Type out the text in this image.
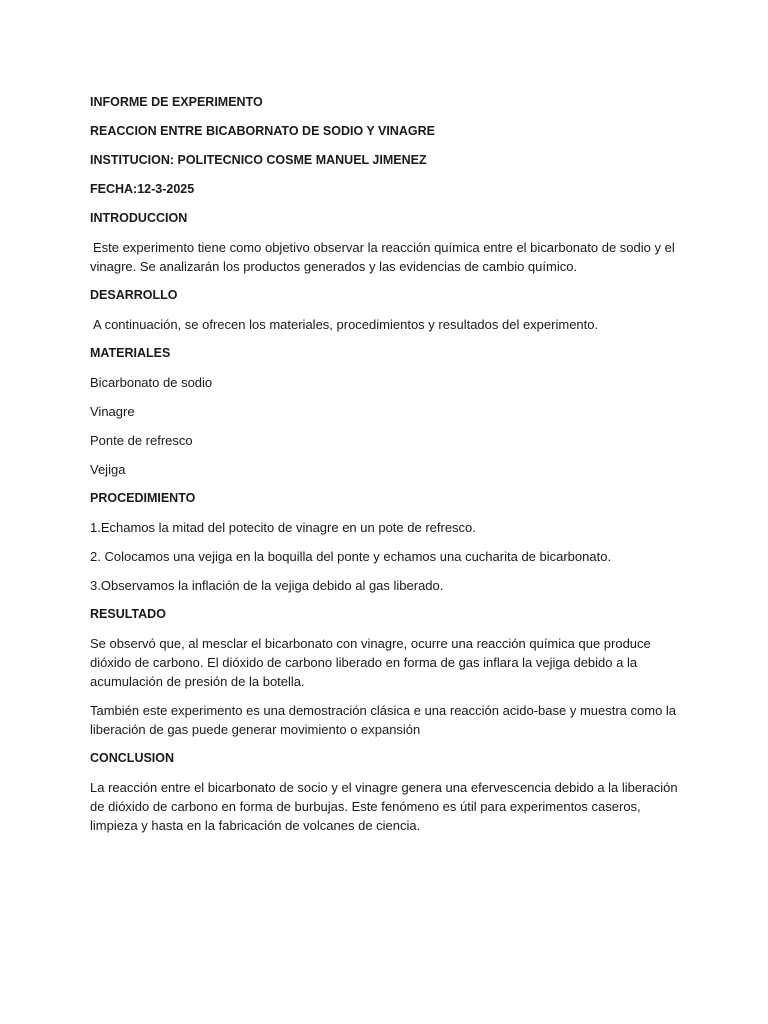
INFORME DE EXPERIMENTO

REACCION ENTRE BICABORNATO DE SODIO Y VINAGRE

INSTITUCION: POLITECNICO COSME MANUEL JIMENEZ

FECHA:12-3-2025

INTRODUCCION

Este experimento tiene como objetivo observar la reacción química entre el bicarbonato de sodio y el vinagre. Se analizarán los productos generados y las evidencias de cambio químico.

DESARROLLO

A continuación, se ofrecen los materiales, procedimientos y resultados del experimento.

MATERIALES

Bicarbonato de sodio

Vinagre

Ponte de refresco

Vejiga

PROCEDIMIENTO

1.Echamos la mitad del potecito de vinagre en un pote de refresco.

2. Colocamos una vejiga en la boquilla del ponte y echamos una cucharita de bicarbonato.

3.Observamos la inflación de la vejiga debido al gas liberado.

RESULTADO

Se observó que, al mesclar el bicarbonato con vinagre, ocurre una reacción química que produce dióxido de carbono. El dióxido de carbono liberado en forma de gas inflara la vejiga debido a la acumulación de presión de la botella.

También este experimento es una demostración clásica e una reacción acido-base y muestra como la liberación de gas puede generar movimiento o expansión

CONCLUSION

La reacción entre el bicarbonato de socio y el vinagre genera una efervescencia debido a la liberación de dióxido de carbono en forma de burbujas. Este fenómeno es útil para experimentos caseros, limpieza y hasta en la fabricación de volcanes de ciencia.
